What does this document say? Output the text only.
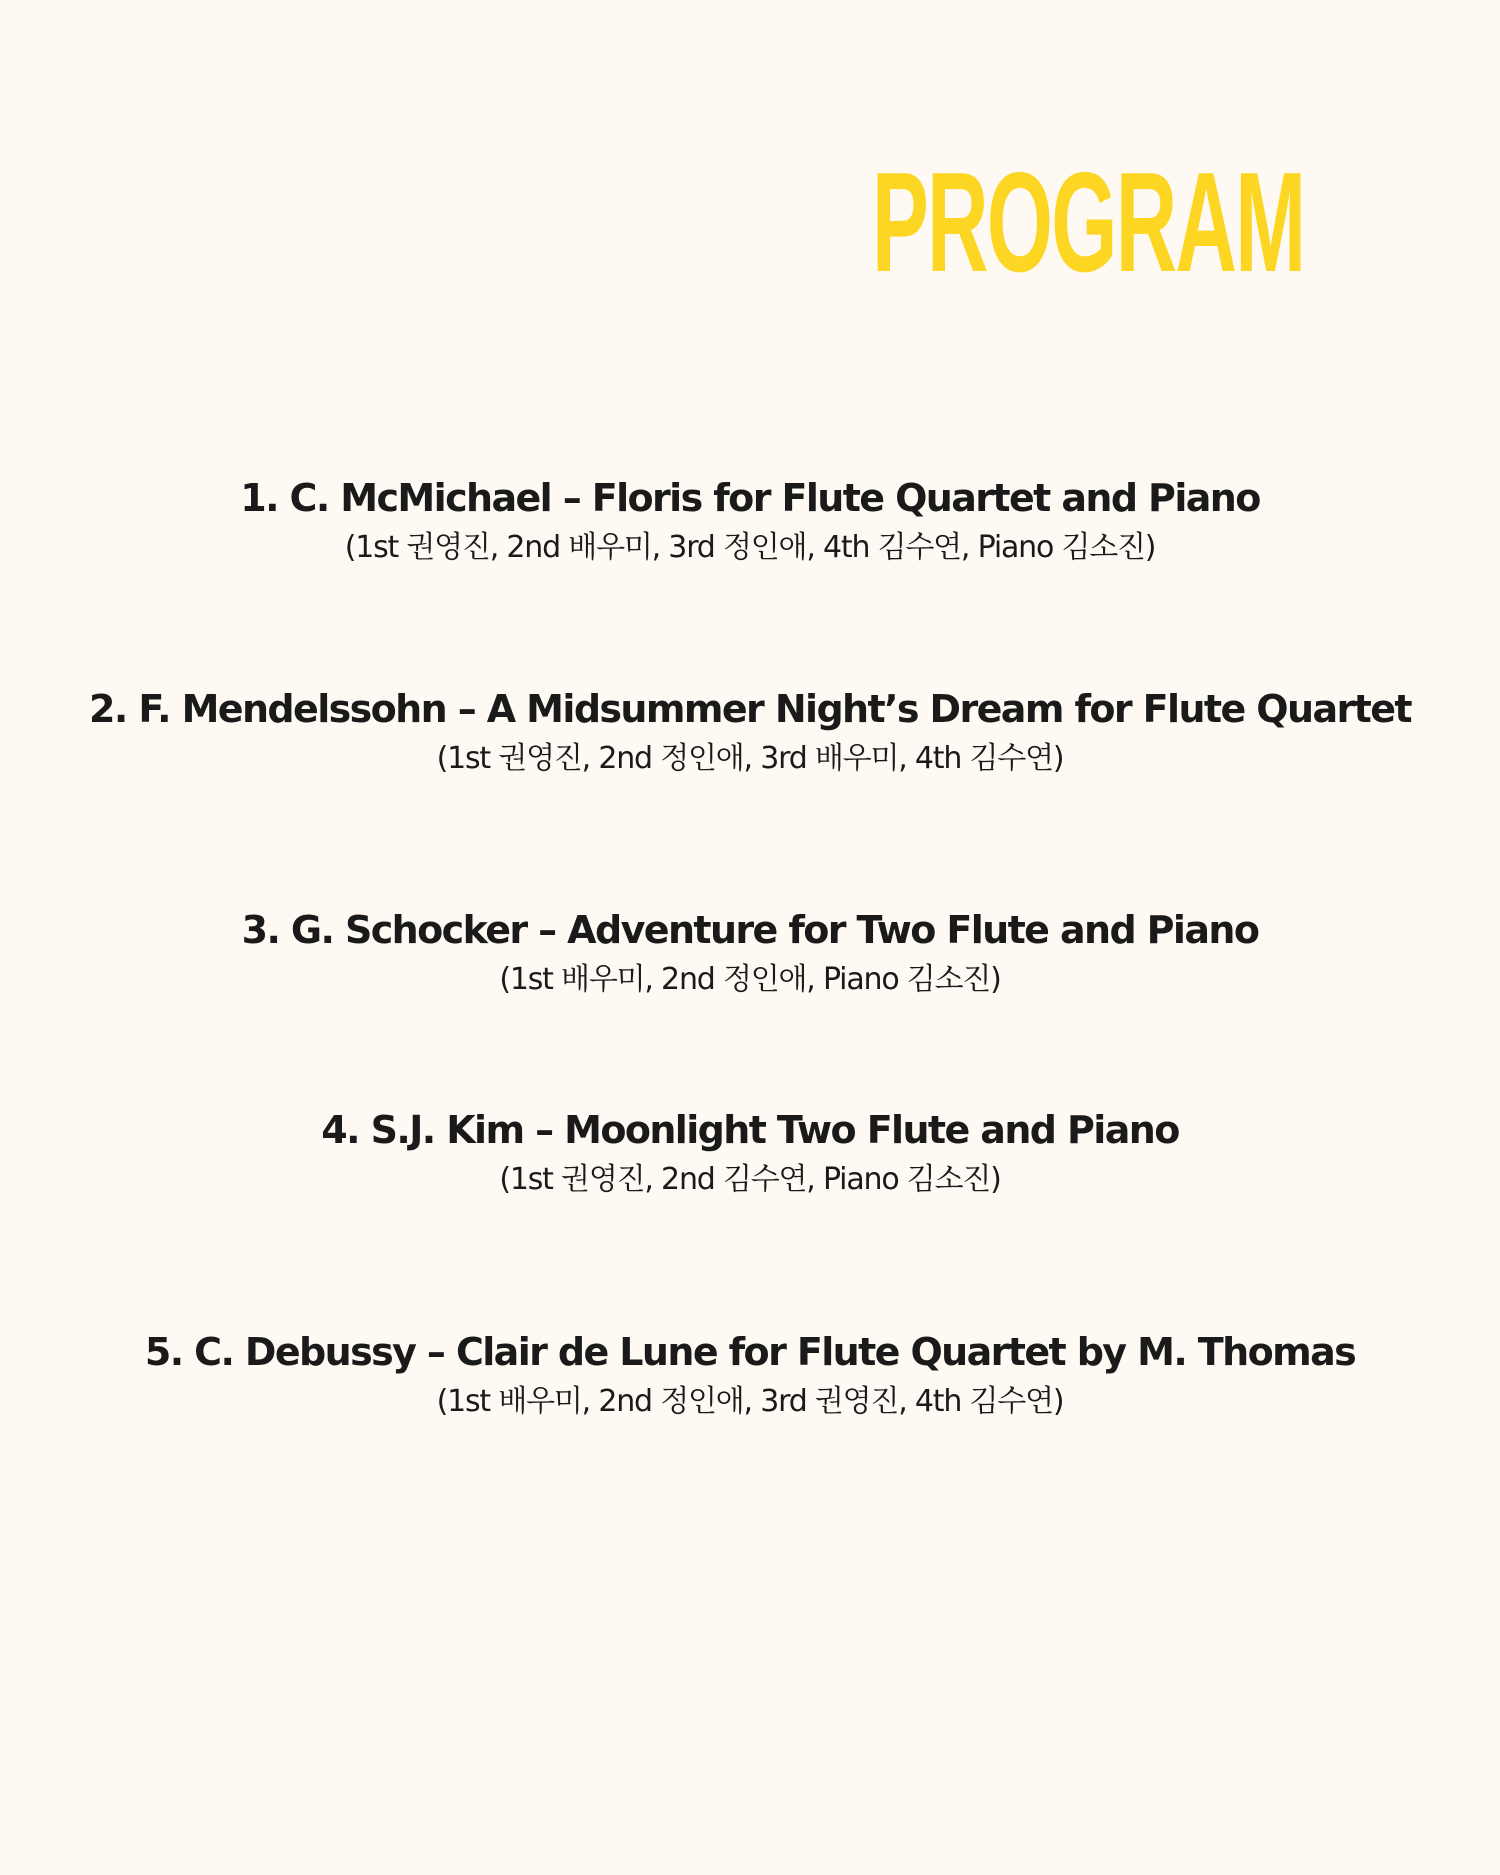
PROGRAM
1. C. McMichael – Floris for Flute Quartet and Piano
(1st 권영진, 2nd 배우미, 3rd 정인애, 4th 김수연, Piano 김소진)
2. F. Mendelssohn – A Midsummer Night’s Dream for Flute Quartet
(1st 권영진, 2nd 정인애, 3rd 배우미, 4th 김수연)
3. G. Schocker – Adventure for Two Flute and Piano
(1st 배우미, 2nd 정인애, Piano 김소진)
4. S.J. Kim – Moonlight Two Flute and Piano
(1st 권영진, 2nd 김수연, Piano 김소진)
5. C. Debussy – Clair de Lune for Flute Quartet by M. Thomas
(1st 배우미, 2nd 정인애, 3rd 권영진, 4th 김수연)
